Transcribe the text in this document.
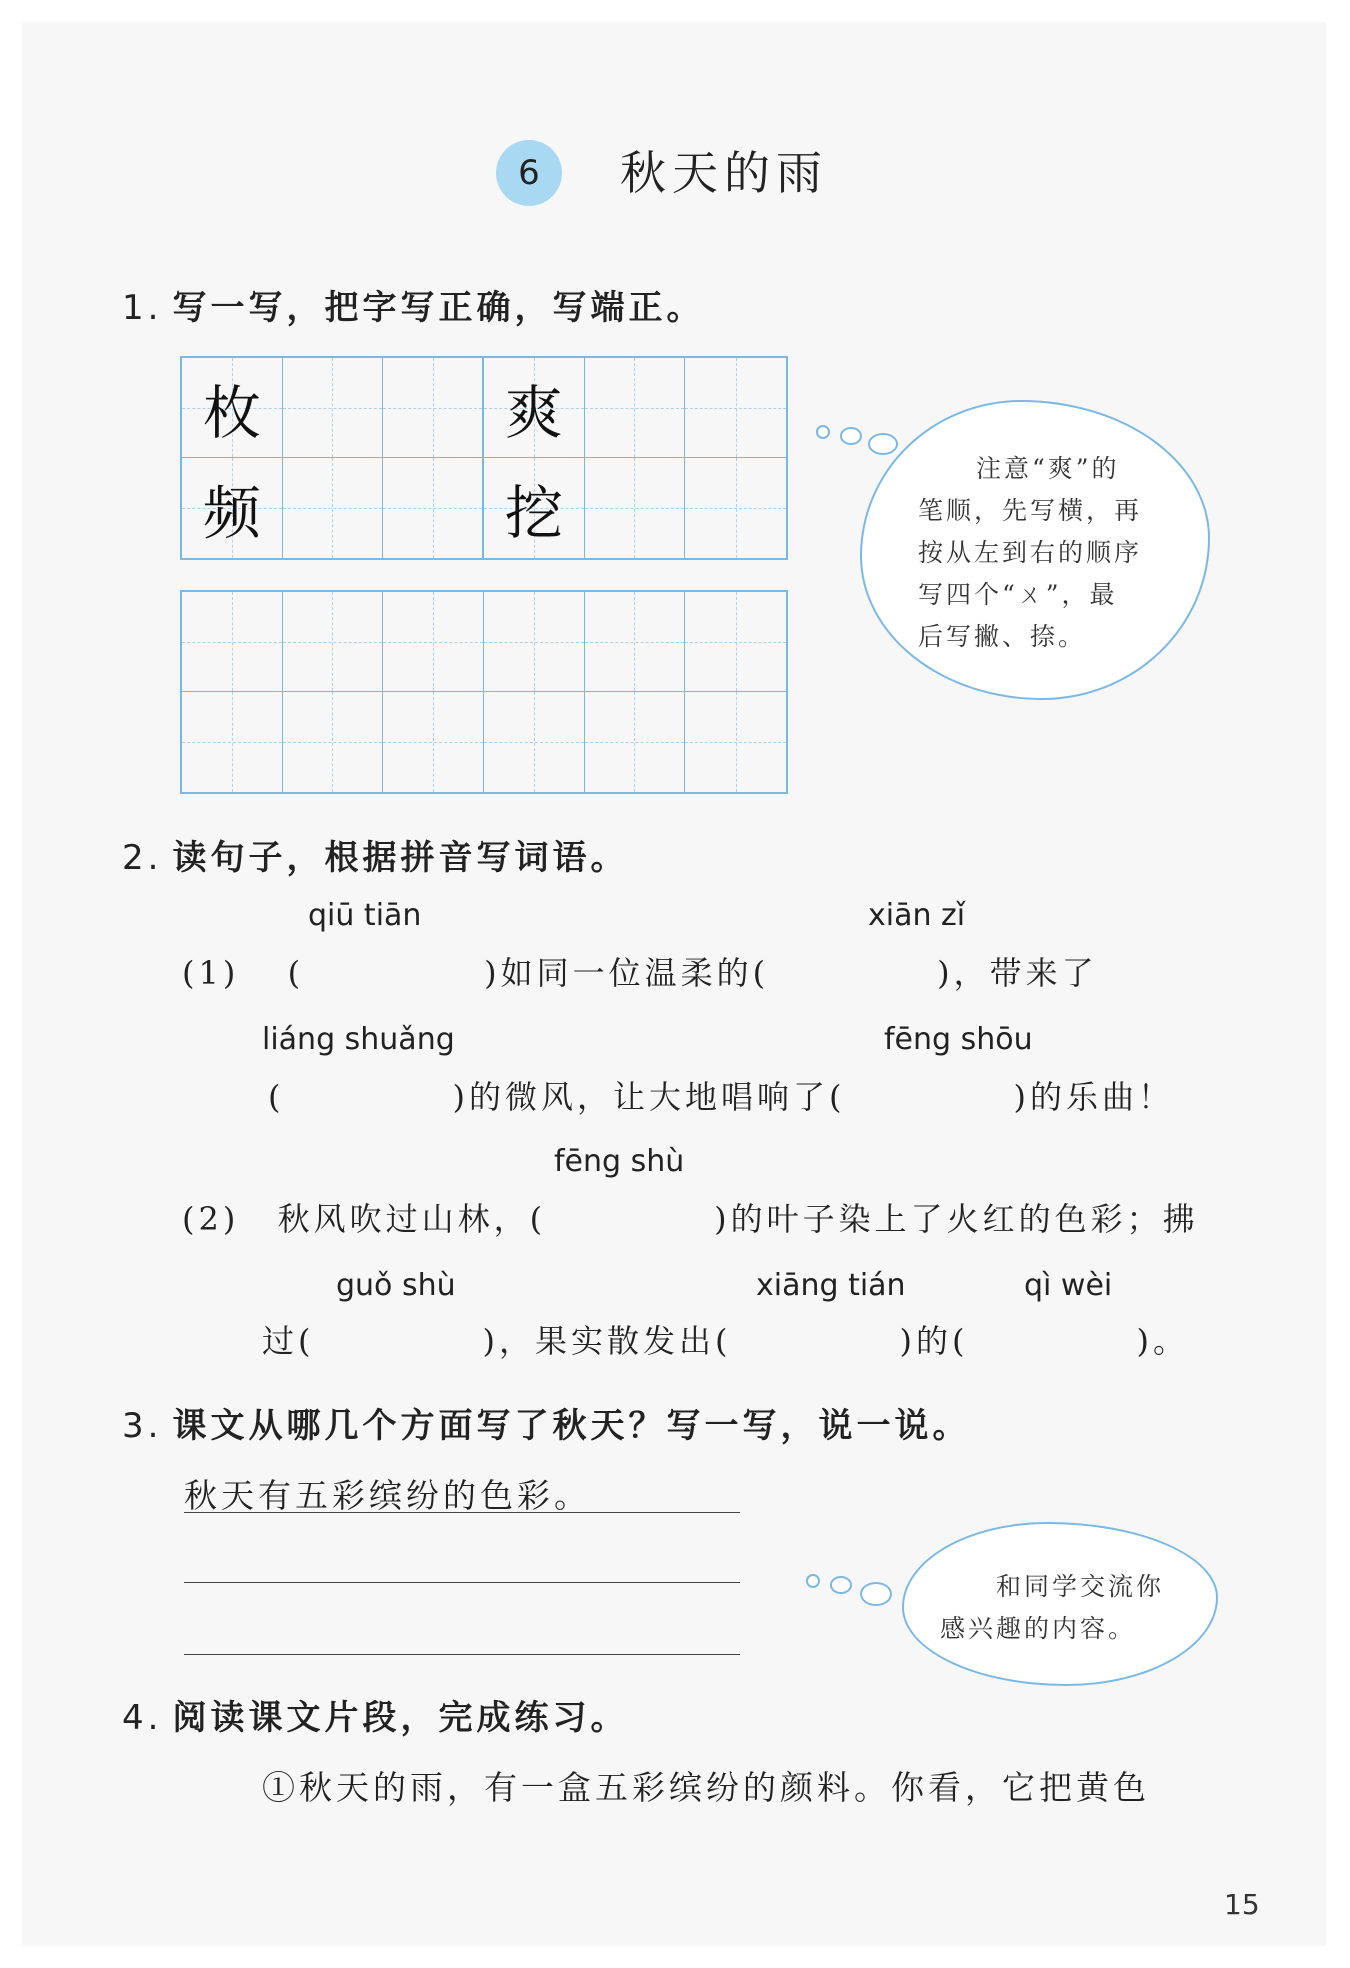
6	秋天的雨
1. 写一写，把字写正确，写端正。
枚	爽
频	挖
注意“爽”的
笔顺，先写横，再
按从左到右的顺序
写四个“ㄨ”，最
后写撇、捺。
2. 读句子，根据拼音写词语。
qiū tiān	xiān zǐ
(1) (	)如同一位温柔的(	)，带来了
liáng shuǎng	fēng shōu
(	)的微风，让大地唱响了(	)的乐曲！
fēng shù
(2) 秋风吹过山林，(	)的叶子染上了火红的色彩；拂
guǒ shù	xiāng tián	qì wèi
过(	)，果实散发出(	)的(	)。
3. 课文从哪几个方面写了秋天？写一写，说一说。
秋天有五彩缤纷的色彩。
和同学交流你
感兴趣的内容。
4. 阅读课文片段，完成练习。
①秋天的雨，有一盒五彩缤纷的颜料。你看，它把黄色
15
